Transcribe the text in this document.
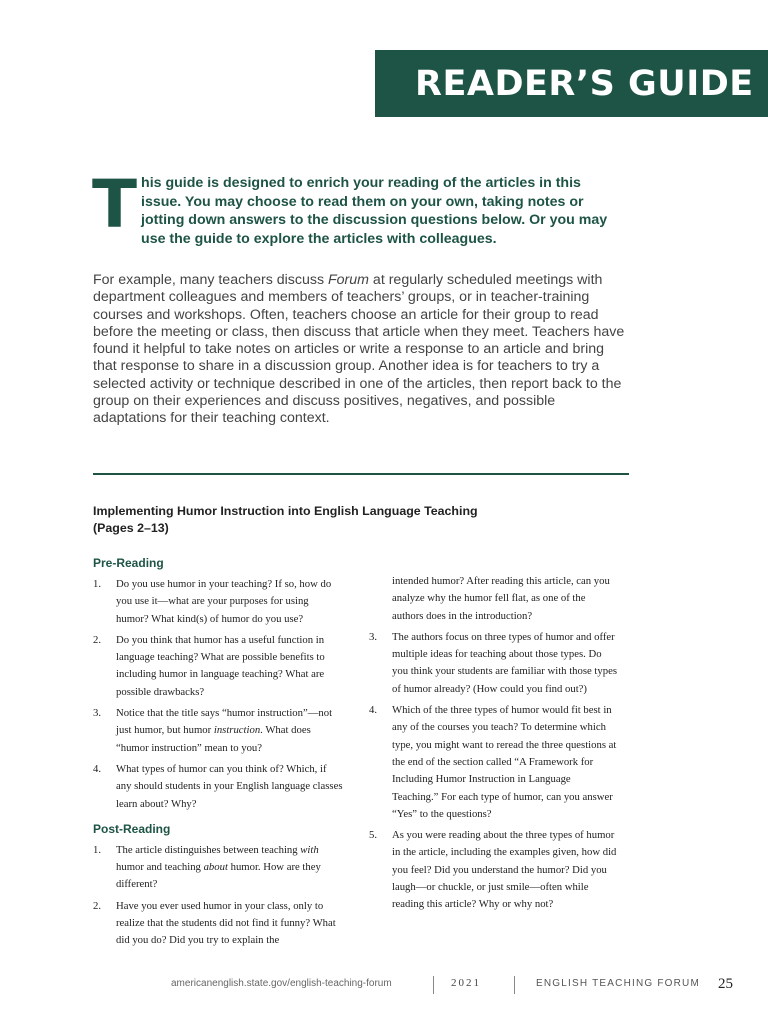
READER’S GUIDE
T his guide is designed to enrich your reading of the articles in this issue. You may choose to read them on your own, taking notes or jotting down answers to the discussion questions below. Or you may use the guide to explore the articles with colleagues.
For example, many teachers discuss Forum at regularly scheduled meetings with department colleagues and members of teachers’ groups, or in teacher-training courses and workshops. Often, teachers choose an article for their group to read before the meeting or class, then discuss that article when they meet. Teachers have found it helpful to take notes on articles or write a response to an article and bring that response to share in a discussion group. Another idea is for teachers to try a selected activity or technique described in one of the articles, then report back to the group on their experiences and discuss positives, negatives, and possible adaptations for their teaching context.
Implementing Humor Instruction into English Language Teaching
(Pages 2–13)
Pre-Reading
1.	Do you use humor in your teaching? If so, how do you use it—what are your purposes for using humor? What kind(s) of humor do you use?
2.	Do you think that humor has a useful function in language teaching? What are possible benefits to including humor in language teaching? What are possible drawbacks?
3.	Notice that the title says “humor instruction”—not just humor, but humor instruction. What does “humor instruction” mean to you?
4.	What types of humor can you think of? Which, if any should students in your English language classes learn about? Why?
Post-Reading
1.	The article distinguishes between teaching with humor and teaching about humor. How are they different?
2.	Have you ever used humor in your class, only to realize that the students did not find it funny? What did you do? Did you try to explain the
intended humor? After reading this article, can you analyze why the humor fell flat, as one of the authors does in the introduction?
3.	The authors focus on three types of humor and offer multiple ideas for teaching about those types. Do you think your students are familiar with those types of humor already? (How could you find out?)
4.	Which of the three types of humor would fit best in any of the courses you teach? To determine which type, you might want to reread the three questions at the end of the section called “A Framework for Including Humor Instruction in Language Teaching.” For each type of humor, can you answer “Yes” to the questions?
5.	As you were reading about the three types of humor in the article, including the examples given, how did you feel? Did you understand the humor? Did you laugh—or chuckle, or just smile—often while reading this article? Why or why not?
americanenglish.state.gov/english-teaching-forum	2021	ENGLISH TEACHING FORUM 25
